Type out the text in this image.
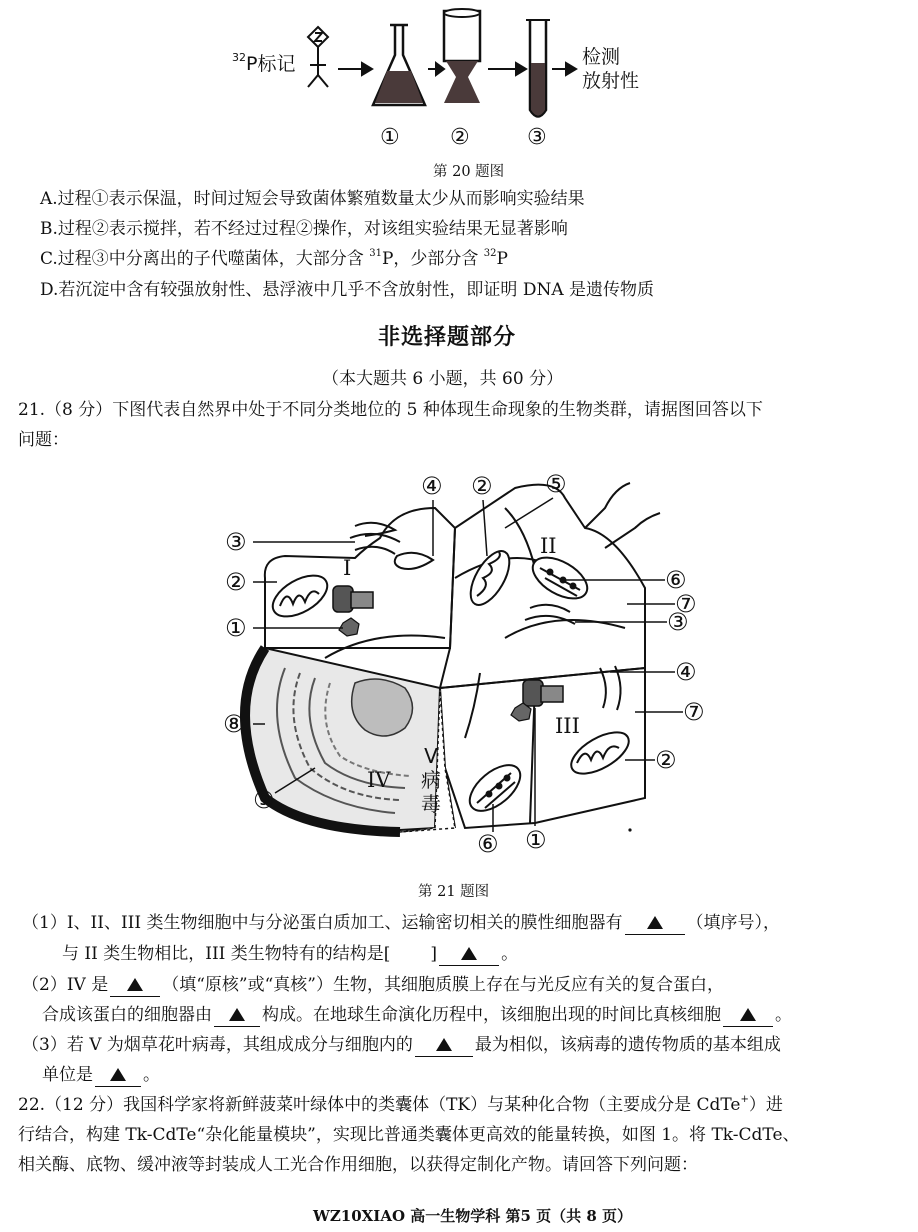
$^{32}$P标记	检测
放射性
① ②	③
第 20 题图
A.过程①表示保温，时间过短会导致菌体繁殖数量太少从而影响实验结果
B.过程②表示搅拌，若不经过过程②操作，对该组实验结果无显著影响
C.过程③中分离出的子代噬菌体，大部分含 $^{31}$P，少部分含 $^{32}$P
D.若沉淀中含有较强放射性、悬浮液中几乎不含放射性，即证明 DNA 是遗传物质
非选择题部分
（本大题共 6 小题，共 60 分）
21.（8 分）下图代表自然界中处于不同分类地位的 5 种体现生命现象的生物类群，请据图回答以下
问题：
③
②
①
⑧
⑨
④ ② ⑤
⑥
⑦
③
④
⑦
②
⑥ ①
I
II
III
IV
V
病
毒
第 21 题图
（1）I、II、III 类生物细胞中与分泌蛋白质加工、运输密切相关的膜性细胞器有	（填序号），
与 II 类生物相比，III 类生物特有的结构是[ ]	。
（2）IV 是	（填“原核”或“真核”）生物，其细胞质膜上存在与光反应有关的复合蛋白，
合成该蛋白的细胞器由	构成。在地球生命演化历程中，该细胞出现的时间比真核细胞	。
（3）若 V 为烟草花叶病毒，其组成成分与细胞内的	最为相似，该病毒的遗传物质的基本组成
单位是	。
22.（12 分）我国科学家将新鲜菠菜叶绿体中的类囊体（TK）与某种化合物（主要成分是 CdTe+）进
行结合，构建 Tk-CdTe“杂化能量模块”，实现比普通类囊体更高效的能量转换，如图 1。将 Tk-CdTe、
相关酶、底物、缓冲液等封装成人工光合作用细胞，以获得定制化产物。请回答下列问题：
WZ10XIAO 高一生物学科 第5 页（共 8 页）
